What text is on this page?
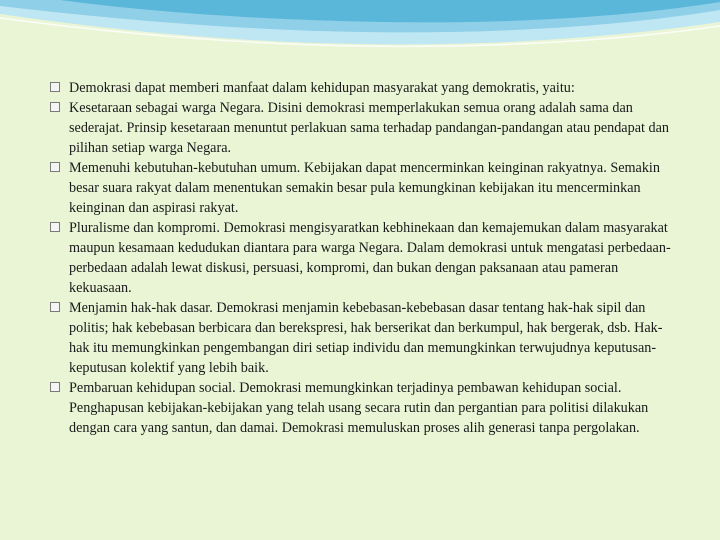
Demokrasi dapat memberi manfaat dalam kehidupan masyarakat yang demokratis, yaitu:
Kesetaraan sebagai warga Negara. Disini demokrasi memperlakukan semua orang adalah sama dan sederajat. Prinsip kesetaraan menuntut perlakuan sama terhadap pandangan-pandangan atau pendapat dan pilihan setiap warga Negara.
Memenuhi kebutuhan-kebutuhan umum. Kebijakan dapat mencerminkan keinginan rakyatnya. Semakin besar suara rakyat dalam menentukan semakin besar pula kemungkinan kebijakan itu mencerminkan keinginan dan aspirasi rakyat.
Pluralisme dan kompromi. Demokrasi mengisyaratkan kebhinekaan dan kemajemukan dalam masyarakat maupun kesamaan kedudukan diantara para warga Negara. Dalam demokrasi untuk mengatasi perbedaan-perbedaan adalah lewat diskusi, persuasi, kompromi, dan bukan dengan paksanaan atau pameran kekuasaan.
Menjamin hak-hak dasar. Demokrasi menjamin kebebasan-kebebasan dasar tentang hak-hak sipil dan politis; hak kebebasan berbicara dan berekspresi, hak berserikat dan berkumpul, hak bergerak, dsb. Hak-hak itu memungkinkan pengembangan diri setiap individu dan memungkinkan terwujudnya keputusan-keputusan kolektif yang lebih baik.
Pembaruan kehidupan social. Demokrasi memungkinkan terjadinya pembawan kehidupan social. Penghapusan kebijakan-kebijakan yang telah usang secara rutin dan pergantian para politisi dilakukan dengan cara yang santun, dan damai. Demokrasi memuluskan proses alih generasi tanpa pergolakan.
